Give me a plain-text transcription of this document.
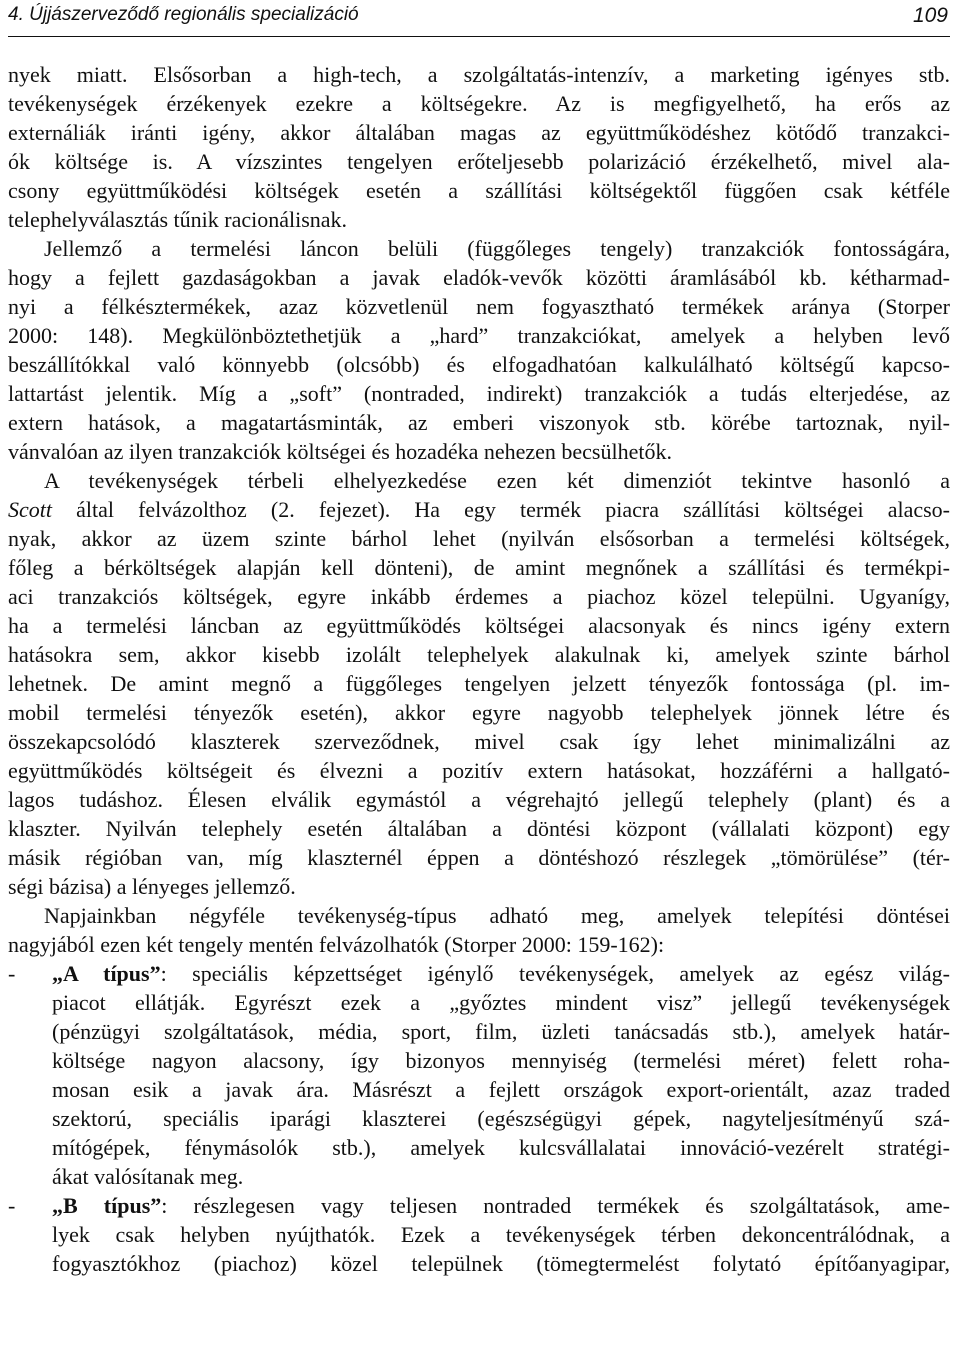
4. Újjászerveződő regionális specializáció	109
nyek miatt. Elsősorban a high-tech, a szolgáltatás-intenzív, a marketing igényes stb.
tevékenységek érzékenyek ezekre a költségekre. Az is megfigyelhető, ha erős az
externáliák iránti igény, akkor általában magas az együttműködéshez kötődő tranzakci-
ók költsége is. A vízszintes tengelyen erőteljesebb polarizáció érzékelhető, mivel ala-
csony együttműködési költségek esetén a szállítási költségektől függően csak kétféle
telephelyválasztás tűnik racionálisnak.
Jellemző a termelési láncon belüli (függőleges tengely) tranzakciók fontosságára,
hogy a fejlett gazdaságokban a javak eladók-vevők közötti áramlásából kb. kétharmad-
nyi a félkésztermékek, azaz közvetlenül nem fogyasztható termékek aránya (Storper
2000: 148). Megkülönböztethetjük a „hard” tranzakciókat, amelyek a helyben levő
beszállítókkal való könnyebb (olcsóbb) és elfogadhatóan kalkulálható költségű kapcso-
lattartást jelentik. Míg a „soft” (nontraded, indirekt) tranzakciók a tudás elterjedése, az
extern hatások, a magatartásminták, az emberi viszonyok stb. körébe tartoznak, nyil-
vánvalóan az ilyen tranzakciók költségei és hozadéka nehezen becsülhetők.
A tevékenységek térbeli elhelyezkedése ezen két dimenziót tekintve hasonló a
Scott által felvázolthoz (2. fejezet). Ha egy termék piacra szállítási költségei alacso-
nyak, akkor az üzem szinte bárhol lehet (nyilván elsősorban a termelési költségek,
főleg a bérköltségek alapján kell dönteni), de amint megnőnek a szállítási és termékpi-
aci tranzakciós költségek, egyre inkább érdemes a piachoz közel települni. Ugyanígy,
ha a termelési láncban az együttműködés költségei alacsonyak és nincs igény extern
hatásokra sem, akkor kisebb izolált telephelyek alakulnak ki, amelyek szinte bárhol
lehetnek. De amint megnő a függőleges tengelyen jelzett tényezők fontossága (pl. im-
mobil termelési tényezők esetén), akkor egyre nagyobb telephelyek jönnek létre és
összekapcsolódó klaszterek szerveződnek, mivel csak így lehet minimalizálni az
együttműködés költségeit és élvezni a pozitív extern hatásokat, hozzáférni a hallgató-
lagos tudáshoz. Élesen elválik egymástól a végrehajtó jellegű telephely (plant) és a
klaszter. Nyilván telephely esetén általában a döntési központ (vállalati központ) egy
másik régióban van, míg klaszternél éppen a döntéshozó részlegek „tömörülése” (tér-
ségi bázisa) a lényeges jellemző.
Napjainkban négyféle tevékenység-típus adható meg, amelyek telepítési döntései
nagyjából ezen két tengely mentén felvázolhatók (Storper 2000: 159-162):
- „A típus”: speciális képzettséget igénylő tevékenységek, amelyek az egész világ-
piacot ellátják. Egyrészt ezek a „győztes mindent visz” jellegű tevékenységek
(pénzügyi szolgáltatások, média, sport, film, üzleti tanácsadás stb.), amelyek határ-
költsége nagyon alacsony, így bizonyos mennyiség (termelési méret) felett roha-
mosan esik a javak ára. Másrészt a fejlett országok export-orientált, azaz traded
szektorú, speciális iparági klaszterei (egészségügyi gépek, nagyteljesítményű szá-
mítógépek, fénymásolók stb.), amelyek kulcsvállalatai innováció-vezérelt stratégi-
ákat valósítanak meg.
- „B típus”: részlegesen vagy teljesen nontraded termékek és szolgáltatások, ame-
lyek csak helyben nyújthatók. Ezek a tevékenységek térben dekoncentrálódnak, a
fogyasztókhoz (piachoz) közel települnek (tömegtermelést folytató építőanyagipar,
